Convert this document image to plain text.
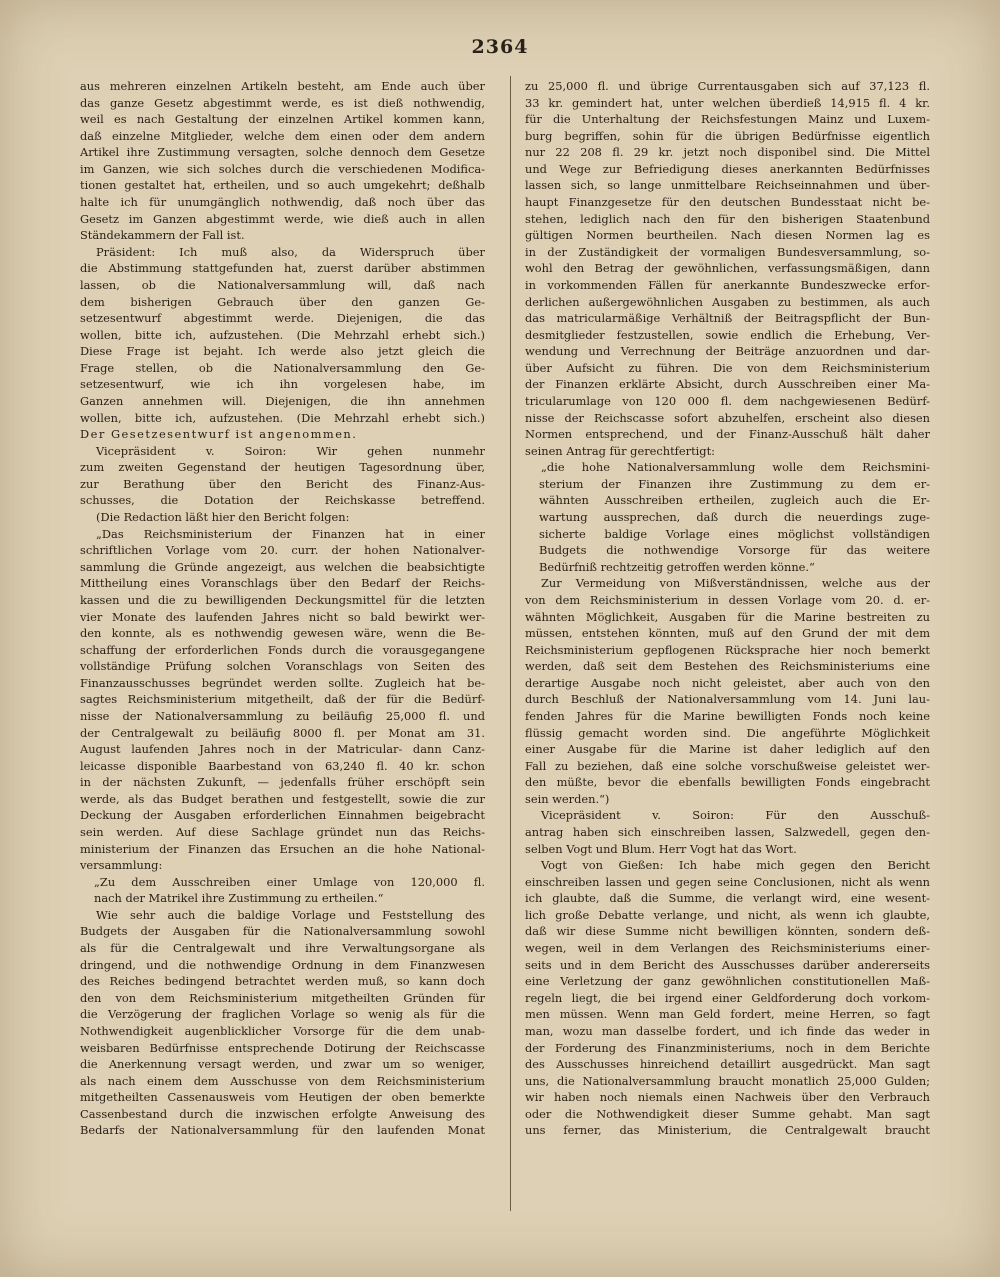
2364
aus mehreren einzelnen Artikeln besteht, am Ende auch über
das ganze Gesetz abgestimmt werde, es ist dieß nothwendig,
weil es nach Gestaltung der einzelnen Artikel kommen kann,
daß einzelne Mitglieder, welche dem einen oder dem andern
Artikel ihre Zustimmung versagten, solche dennoch dem Gesetze
im Ganzen, wie sich solches durch die verschiedenen Modifica-
tionen gestaltet hat, ertheilen, und so auch umgekehrt; deßhalb
halte ich für unumgänglich nothwendig, daß noch über das
Gesetz im Ganzen abgestimmt werde, wie dieß auch in allen
Ständekammern der Fall ist.
Präsident: Ich muß also, da Widerspruch über
die Abstimmung stattgefunden hat, zuerst darüber abstimmen
lassen, ob die Nationalversammlung will, daß nach
dem bisherigen Gebrauch über den ganzen Ge-
setzesentwurf abgestimmt werde. Diejenigen, die das
wollen, bitte ich, aufzustehen. (Die Mehrzahl erhebt sich.)
Diese Frage ist bejaht. Ich werde also jetzt gleich die
Frage stellen, ob die Nationalversammlung den Ge-
setzesentwurf, wie ich ihn vorgelesen habe, im
Ganzen annehmen will. Diejenigen, die ihn annehmen
wollen, bitte ich, aufzustehen. (Die Mehrzahl erhebt sich.)
Der Gesetzesentwurf ist angenommen.
Vicepräsident v. Soiron: Wir gehen nunmehr
zum zweiten Gegenstand der heutigen Tagesordnung über,
zur Berathung über den Bericht des Finanz-Aus-
schusses, die Dotation der Reichskasse betreffend.
(Die Redaction läßt hier den Bericht folgen:
„Das Reichsministerium der Finanzen hat in einer
schriftlichen Vorlage vom 20. curr. der hohen Nationalver-
sammlung die Gründe angezeigt, aus welchen die beabsichtigte
Mittheilung eines Voranschlags über den Bedarf der Reichs-
kassen und die zu bewilligenden Deckungsmittel für die letzten
vier Monate des laufenden Jahres nicht so bald bewirkt wer-
den konnte, als es nothwendig gewesen wäre, wenn die Be-
schaffung der erforderlichen Fonds durch die vorausgegangene
vollständige Prüfung solchen Voranschlags von Seiten des
Finanzausschusses begründet werden sollte. Zugleich hat be-
sagtes Reichsministerium mitgetheilt, daß der für die Bedürf-
nisse der Nationalversammlung zu beiläufig 25,000 fl. und
der Centralgewalt zu beiläufig 8000 fl. per Monat am 31.
August laufenden Jahres noch in der Matricular- dann Canz-
leicasse disponible Baarbestand von 63,240 fl. 40 kr. schon
in der nächsten Zukunft, — jedenfalls früher erschöpft sein
werde, als das Budget berathen und festgestellt, sowie die zur
Deckung der Ausgaben erforderlichen Einnahmen beigebracht
sein werden. Auf diese Sachlage gründet nun das Reichs-
ministerium der Finanzen das Ersuchen an die hohe National-
versammlung:
„Zu dem Ausschreiben einer Umlage von 120,000 fl.
nach der Matrikel ihre Zustimmung zu ertheilen.“
Wie sehr auch die baldige Vorlage und Feststellung des
Budgets der Ausgaben für die Nationalversammlung sowohl
als für die Centralgewalt und ihre Verwaltungsorgane als
dringend, und die nothwendige Ordnung in dem Finanzwesen
des Reiches bedingend betrachtet werden muß, so kann doch
den von dem Reichsministerium mitgetheilten Gründen für
die Verzögerung der fraglichen Vorlage so wenig als für die
Nothwendigkeit augenblicklicher Vorsorge für die dem unab-
weisbaren Bedürfnisse entsprechende Dotirung der Reichscasse
die Anerkennung versagt werden, und zwar um so weniger,
als nach einem dem Ausschusse von dem Reichsministerium
mitgetheilten Cassenausweis vom Heutigen der oben bemerkte
Cassenbestand durch die inzwischen erfolgte Anweisung des
Bedarfs der Nationalversammlung für den laufenden Monat
zu 25,000 fl. und übrige Currentausgaben sich auf 37,123 fl.
33 kr. gemindert hat, unter welchen überdieß 14,915 fl. 4 kr.
für die Unterhaltung der Reichsfestungen Mainz und Luxem-
burg begriffen, sohin für die übrigen Bedürfnisse eigentlich
nur 22 208 fl. 29 kr. jetzt noch disponibel sind. Die Mittel
und Wege zur Befriedigung dieses anerkannten Bedürfnisses
lassen sich, so lange unmittelbare Reichseinnahmen und über-
haupt Finanzgesetze für den deutschen Bundesstaat nicht be-
stehen, lediglich nach den für den bisherigen Staatenbund
gültigen Normen beurtheilen. Nach diesen Normen lag es
in der Zuständigkeit der vormaligen Bundesversammlung, so-
wohl den Betrag der gewöhnlichen, verfassungsmäßigen, dann
in vorkommenden Fällen für anerkannte Bundeszwecke erfor-
derlichen außergewöhnlichen Ausgaben zu bestimmen, als auch
das matricularmäßige Verhältniß der Beitragspflicht der Bun-
desmitglieder festzustellen, sowie endlich die Erhebung, Ver-
wendung und Verrechnung der Beiträge anzuordnen und dar-
über Aufsicht zu führen. Die von dem Reichsministerium
der Finanzen erklärte Absicht, durch Ausschreiben einer Ma-
tricularumlage von 120 000 fl. dem nachgewiesenen Bedürf-
nisse der Reichscasse sofort abzuhelfen, erscheint also diesen
Normen entsprechend, und der Finanz-Ausschuß hält daher
seinen Antrag für gerechtfertigt:
„die hohe Nationalversammlung wolle dem Reichsmini-
sterium der Finanzen ihre Zustimmung zu dem er-
wähnten Ausschreiben ertheilen, zugleich auch die Er-
wartung aussprechen, daß durch die neuerdings zuge-
sicherte baldige Vorlage eines möglichst vollständigen
Budgets die nothwendige Vorsorge für das weitere
Bedürfniß rechtzeitig getroffen werden könne.“
Zur Vermeidung von Mißverständnissen, welche aus der
von dem Reichsministerium in dessen Vorlage vom 20. d. er-
wähnten Möglichkeit, Ausgaben für die Marine bestreiten zu
müssen, entstehen könnten, muß auf den Grund der mit dem
Reichsministerium gepflogenen Rücksprache hier noch bemerkt
werden, daß seit dem Bestehen des Reichsministeriums eine
derartige Ausgabe noch nicht geleistet, aber auch von den
durch Beschluß der Nationalversammlung vom 14. Juni lau-
fenden Jahres für die Marine bewilligten Fonds noch keine
flüssig gemacht worden sind. Die angeführte Möglichkeit
einer Ausgabe für die Marine ist daher lediglich auf den
Fall zu beziehen, daß eine solche vorschußweise geleistet wer-
den müßte, bevor die ebenfalls bewilligten Fonds eingebracht
sein werden.“)
Vicepräsident v. Soiron: Für den Ausschuß-
antrag haben sich einschreiben lassen, Salzwedell, gegen den-
selben Vogt und Blum. Herr Vogt hat das Wort.
Vogt von Gießen: Ich habe mich gegen den Bericht
einschreiben lassen und gegen seine Conclusionen, nicht als wenn
ich glaubte, daß die Summe, die verlangt wird, eine wesent-
lich große Debatte verlange, und nicht, als wenn ich glaubte,
daß wir diese Summe nicht bewilligen könnten, sondern deß-
wegen, weil in dem Verlangen des Reichsministeriums einer-
seits und in dem Bericht des Ausschusses darüber andererseits
eine Verletzung der ganz gewöhnlichen constitutionellen Maß-
regeln liegt, die bei irgend einer Geldforderung doch vorkom-
men müssen. Wenn man Geld fordert, meine Herren, so fagt
man, wozu man dasselbe fordert, und ich finde das weder in
der Forderung des Finanzministeriums, noch in dem Berichte
des Ausschusses hinreichend detaillirt ausgedrückt. Man sagt
uns, die Nationalversammlung braucht monatlich 25,000 Gulden;
wir haben noch niemals einen Nachweis über den Verbrauch
oder die Nothwendigkeit dieser Summe gehabt. Man sagt
uns ferner, das Ministerium, die Centralgewalt braucht
